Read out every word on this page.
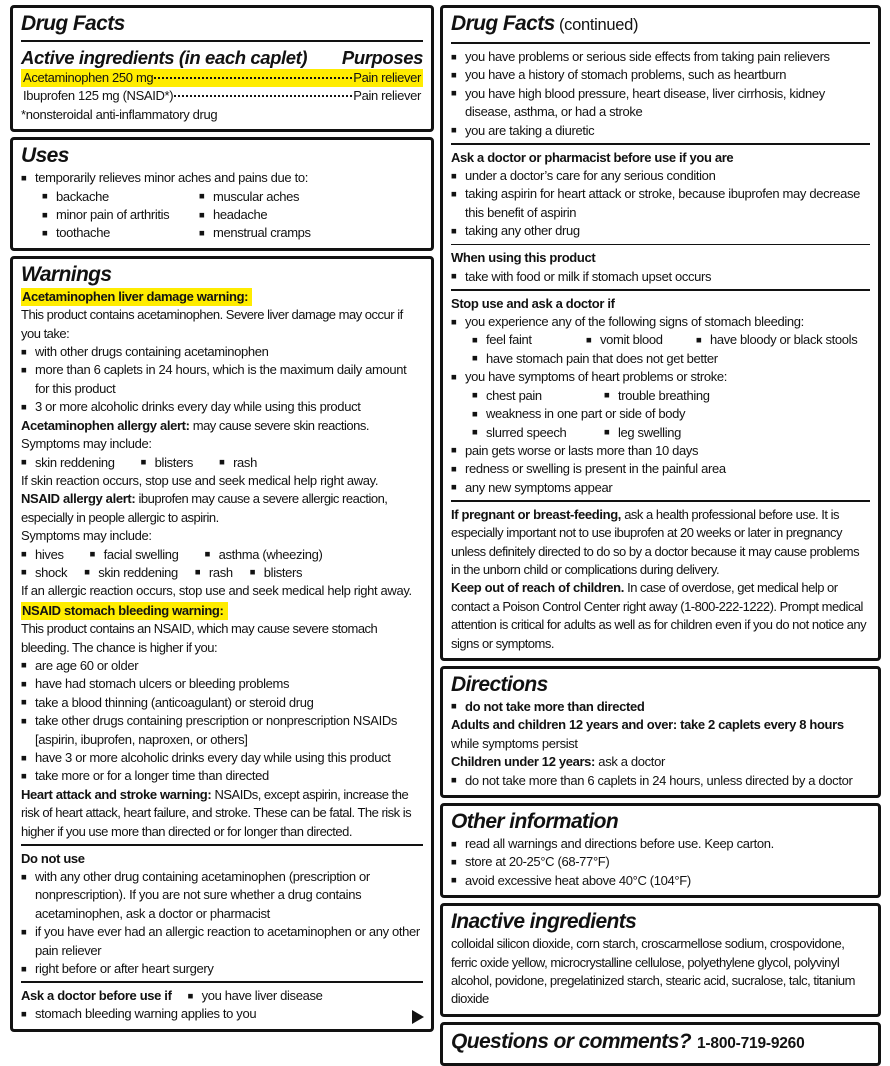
Drug Facts
Active ingredients (in each caplet) Purposes
Acetaminophen 250 mg	Pain reliever
Ibuprofen 125 mg (NSAID*)	Pain reliever
*nonsteroidal anti-inflammatory drug
Uses
■ temporarily relieves minor aches and pains due to:
■ backache
■ minor pain of arthritis
■ toothache
■ muscular aches
■ headache
■ menstrual cramps
Warnings
Acetaminophen liver damage warning:
This product contains acetaminophen. Severe liver damage may occur if you take:
■ with other drugs containing acetaminophen
■ more than 6 caplets in 24 hours, which is the maximum daily amount for this product
■ 3 or more alcoholic drinks every day while using this product
Acetaminophen allergy alert: may cause severe skin reactions.
Symptoms may include:
■ skin reddening	■ blisters	■ rash
If skin reaction occurs, stop use and seek medical help right away.
NSAID allergy alert: ibuprofen may cause a severe allergic reaction, especially in people allergic to aspirin.
Symptoms may include:
■ hives	■ facial swelling	■ asthma (wheezing)
■ shock	■ skin reddening	■ rash	■ blisters
If an allergic reaction occurs, stop use and seek medical help right away.
NSAID stomach bleeding warning:
This product contains an NSAID, which may cause severe stomach bleeding. The chance is higher if you:
■ are age 60 or older
■ have had stomach ulcers or bleeding problems
■ take a blood thinning (anticoagulant) or steroid drug
■ take other drugs containing prescription or nonprescription NSAIDs [aspirin, ibuprofen, naproxen, or others]
■ have 3 or more alcoholic drinks every day while using this product
■ take more or for a longer time than directed
Heart attack and stroke warning: NSAIDs, except aspirin, increase the risk of heart attack, heart failure, and stroke. These can be fatal. The risk is higher if you use more than directed or for longer than directed.
Do not use
■ with any other drug containing acetaminophen (prescription or nonprescription). If you are not sure whether a drug contains acetaminophen, ask a doctor or pharmacist
■ if you have ever had an allergic reaction to acetaminophen or any other pain reliever
■ right before or after heart surgery
Ask a doctor before use if	■ you have liver disease
■ stomach bleeding warning applies to you
Drug Facts (continued)
■ you have problems or serious side effects from taking pain relievers
■ you have a history of stomach problems, such as heartburn
■ you have high blood pressure, heart disease, liver cirrhosis, kidney disease, asthma, or had a stroke
■ you are taking a diuretic
Ask a doctor or pharmacist before use if you are
■ under a doctor’s care for any serious condition
■ taking aspirin for heart attack or stroke, because ibuprofen may decrease this benefit of aspirin
■ taking any other drug
When using this product
■ take with food or milk if stomach upset occurs
Stop use and ask a doctor if
■ you experience any of the following signs of stomach bleeding:
■ feel faint	■ vomit blood	■ have bloody or black stools
■ have stomach pain that does not get better
■ you have symptoms of heart problems or stroke:
■ chest pain	■ trouble breathing
■ weakness in one part or side of body
■ slurred speech	■ leg swelling
■ pain gets worse or lasts more than 10 days
■ redness or swelling is present in the painful area
■ any new symptoms appear
If pregnant or breast-feeding, ask a health professional before use. It is especially important not to use ibuprofen at 20 weeks or later in pregnancy unless definitely directed to do so by a doctor because it may cause problems in the unborn child or complications during delivery.
Keep out of reach of children. In case of overdose, get medical help or contact a Poison Control Center right away (1-800-222-1222). Prompt medical attention is critical for adults as well as for children even if you do not notice any signs or symptoms.
Directions
■ do not take more than directed
Adults and children 12 years and over: take 2 caplets every 8 hours
while symptoms persist
Children under 12 years: ask a doctor
■ do not take more than 6 caplets in 24 hours, unless directed by a doctor
Other information
■ read all warnings and directions before use. Keep carton.
■ store at 20-25°C (68-77°F)
■ avoid excessive heat above 40°C (104°F)
Inactive ingredients
colloidal silicon dioxide, corn starch, croscarmellose sodium, crospovidone, ferric oxide yellow, microcrystalline cellulose, polyethylene glycol, polyvinyl alcohol, povidone, pregelatinized starch, stearic acid, sucralose, talc, titanium dioxide
Questions or comments? 1-800-719-9260
